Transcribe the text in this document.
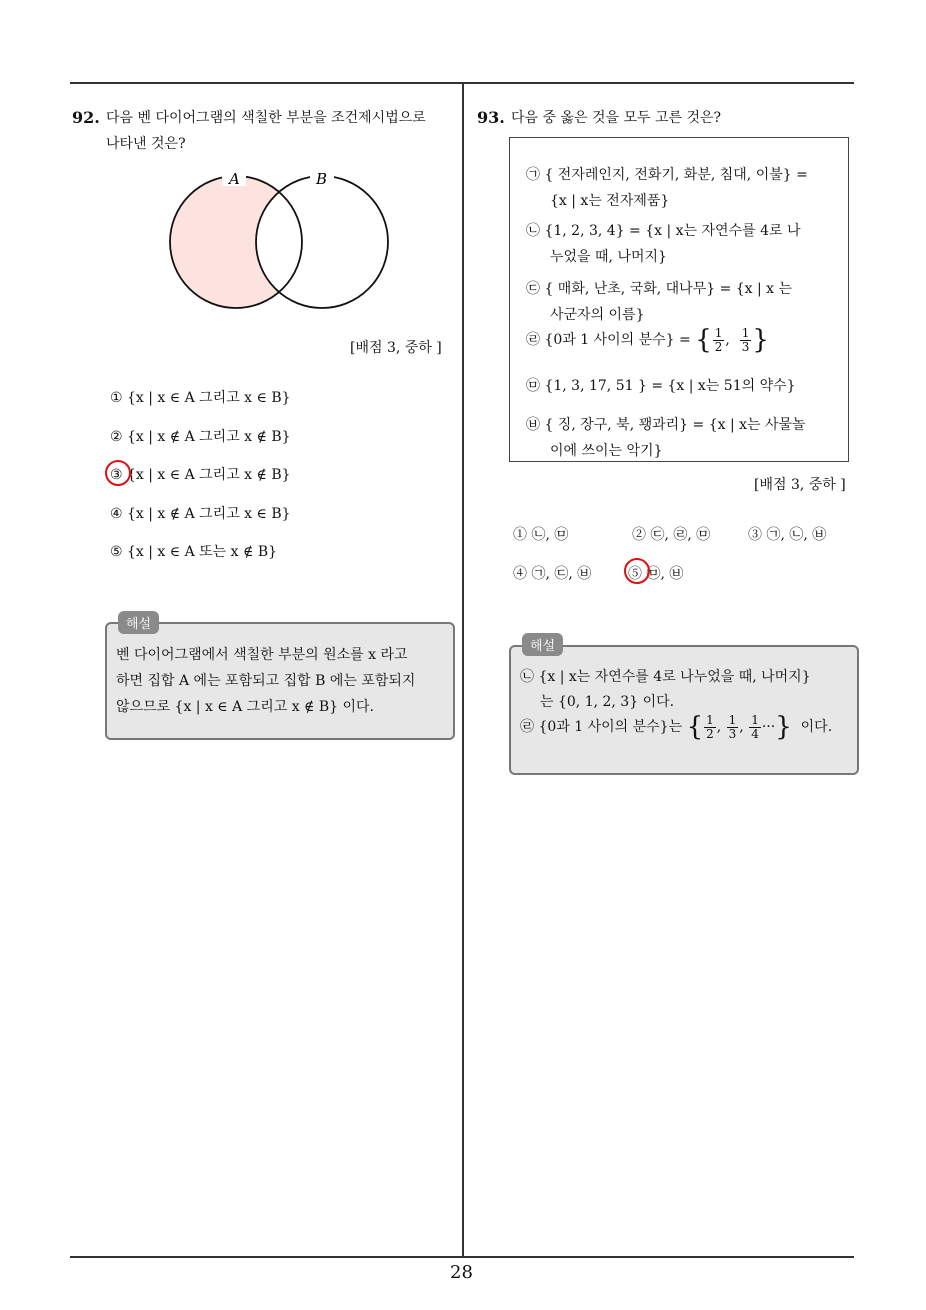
28
92. 다음 벤 다이어그램의 색칠한 부분을 조건제시법으로
나타낸 것은?
A	B
[배점 3, 중하 ]
① {x | x ∈ A 그리고 x ∈ B}
② {x | x ∉ A 그리고 x ∉ B}
③ {x | x ∈ A 그리고 x ∉ B}
④ {x | x ∉ A 그리고 x ∈ B}
⑤ {x | x ∈ A 또는 x ∉ B}
해설
벤 다이어그램에서 색칠한 부분의 원소를 x 라고
하면 집합 A 에는 포함되고 집합 B 에는 포함되지
않으므로 {x | x ∈ A 그리고 x ∉ B} 이다.
93. 다음 중 옳은 것을 모두 고른 것은?
㉠ { 전자레인지, 전화기, 화분, 침대, 이불} =
{x | x는 전자제품}
㉡ {1, 2, 3, 4} = {x | x는 자연수를 4로 나
누었을 때, 나머지}
㉢ { 매화, 난초, 국화, 대나무} = {x | x 는
사군자의 이름}
㉣ {0과 1 사이의 분수} = { $\frac{1}{2}$ , $\frac{1}{3}$ }
㉤ {1, 3, 17, 51 } = {x | x는 51의 약수}
㉥ { 징, 장구, 북, 꽹과리} = {x | x는 사물놀
이에 쓰이는 악기}
[배점 3, 중하 ]
① ㉡, ㉤	② ㉢, ㉣, ㉤	③ ㉠, ㉡, ㉥
④ ㉠, ㉢, ㉥	⑤ ㉤, ㉥
해설
㉡ {x | x는 자연수를 4로 나누었을 때, 나머지}
는 {0, 1, 2, 3} 이다.
㉣ {0과 1 사이의 분수}는 { $\frac{1}{2}$ , $\frac{1}{3}$ , $\frac{1}{4}$ ···} 이다.
